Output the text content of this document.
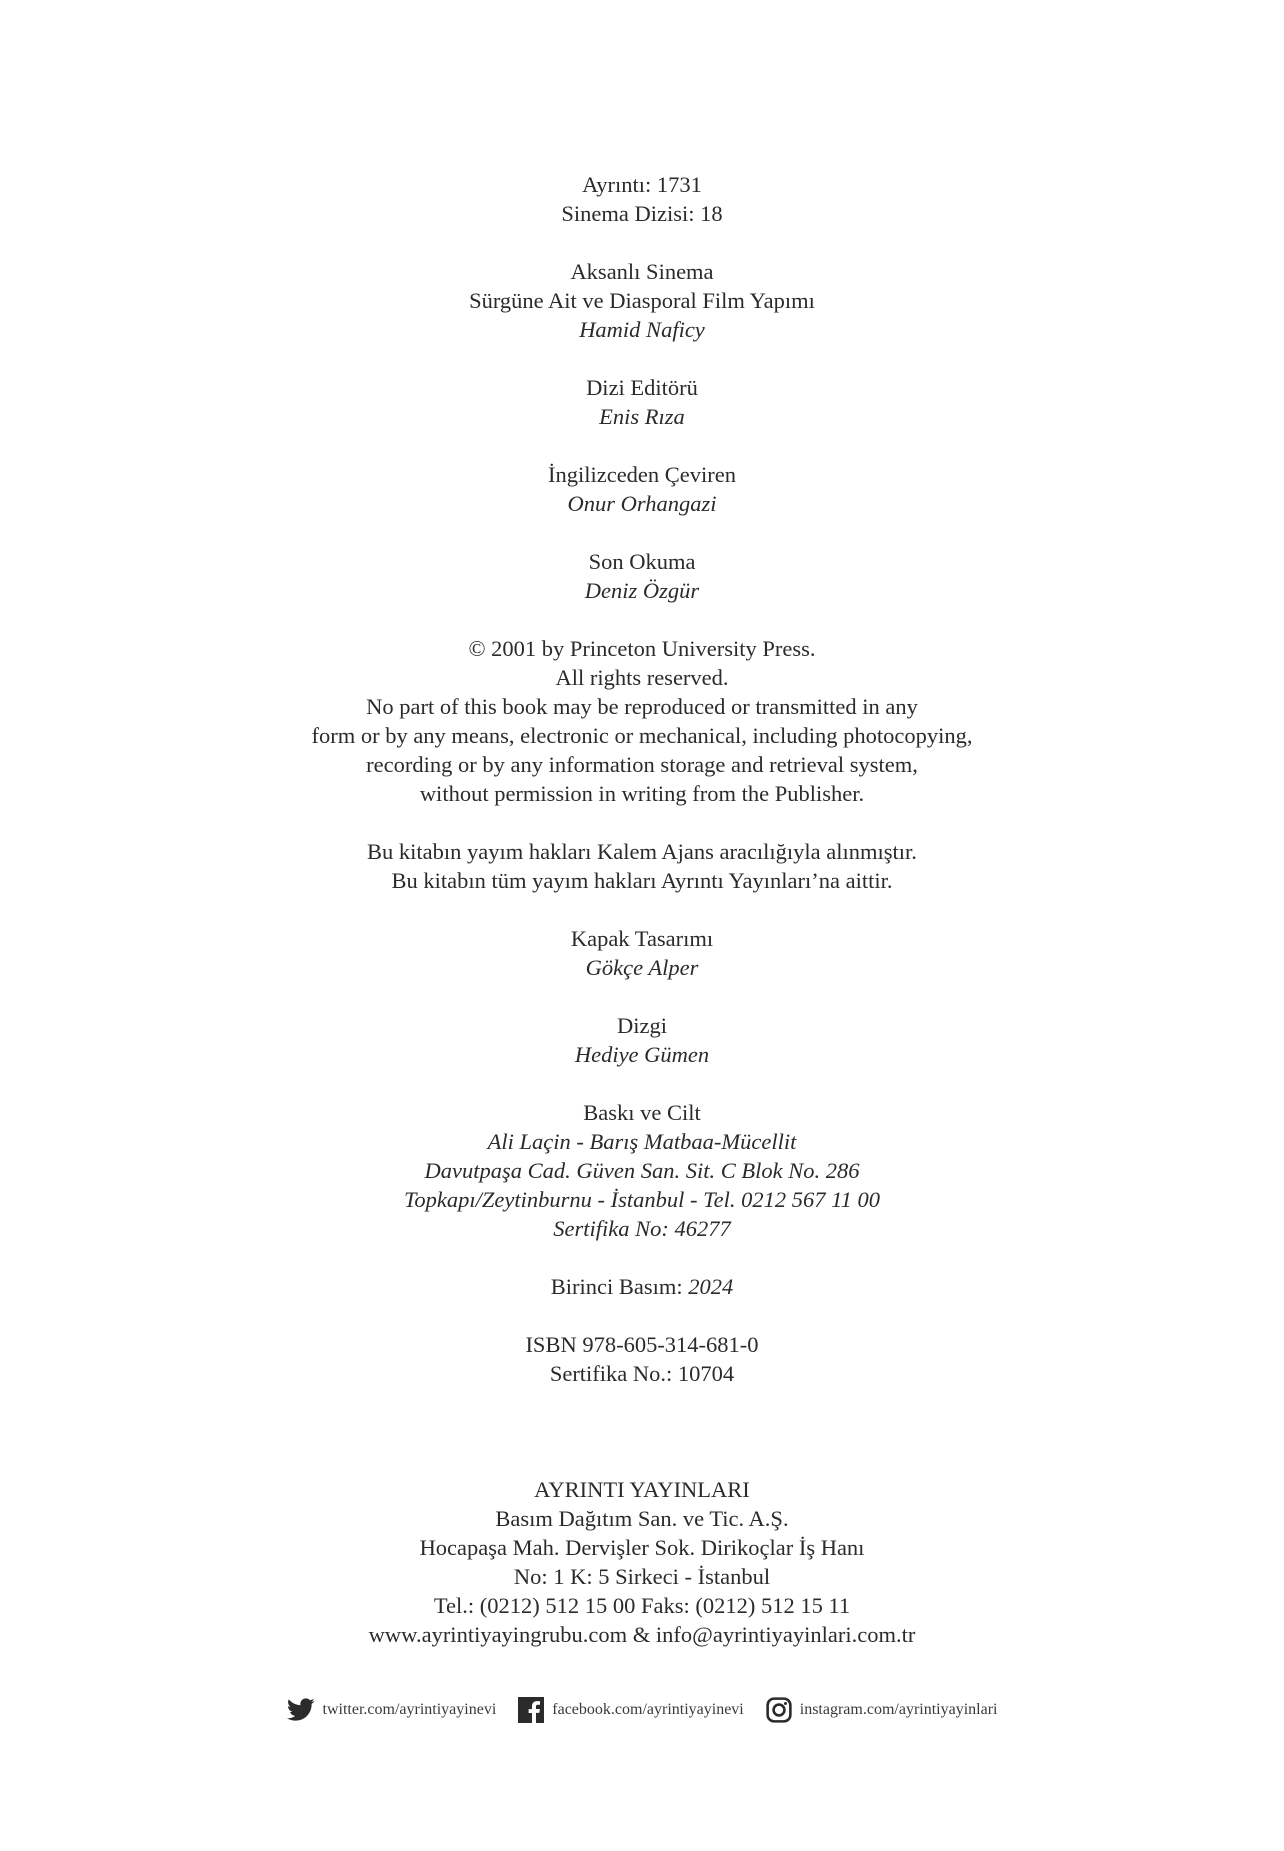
Ayrıntı: 1731
Sinema Dizisi: 18
Aksanlı Sinema
Sürgüne Ait ve Diasporal Film Yapımı
Hamid Naficy
Dizi Editörü
Enis Rıza
İngilizceden Çeviren
Onur Orhangazi
Son Okuma
Deniz Özgür
© 2001 by Princeton University Press.
All rights reserved.
No part of this book may be reproduced or transmitted in any
form or by any means, electronic or mechanical, including photocopying,
recording or by any information storage and retrieval system,
without permission in writing from the Publisher.
Bu kitabın yayım hakları Kalem Ajans aracılığıyla alınmıştır.
Bu kitabın tüm yayım hakları Ayrıntı Yayınları’na aittir.
Kapak Tasarımı
Gökçe Alper
Dizgi
Hediye Gümen
Baskı ve Cilt
Ali Laçin - Barış Matbaa-Mücellit
Davutpaşa Cad. Güven San. Sit. C Blok No. 286
Topkapı/Zeytinburnu - İstanbul - Tel. 0212 567 11 00
Sertifika No: 46277
Birinci Basım: 2024
ISBN 978-605-314-681-0
Sertifika No.: 10704
AYRINTI YAYINLARI
Basım Dağıtım San. ve Tic. A.Ş.
Hocapaşa Mah. Dervişler Sok. Dirikoçlar İş Hanı
No: 1 K: 5 Sirkeci - İstanbul
Tel.: (0212) 512 15 00 Faks: (0212) 512 15 11
www.ayrintiyayingrubu.com & info@ayrintiyayinlari.com.tr
twitter.com/ayrintiyayinevi	facebook.com/ayrintiyayinevi	instagram.com/ayrintiyayinlari
